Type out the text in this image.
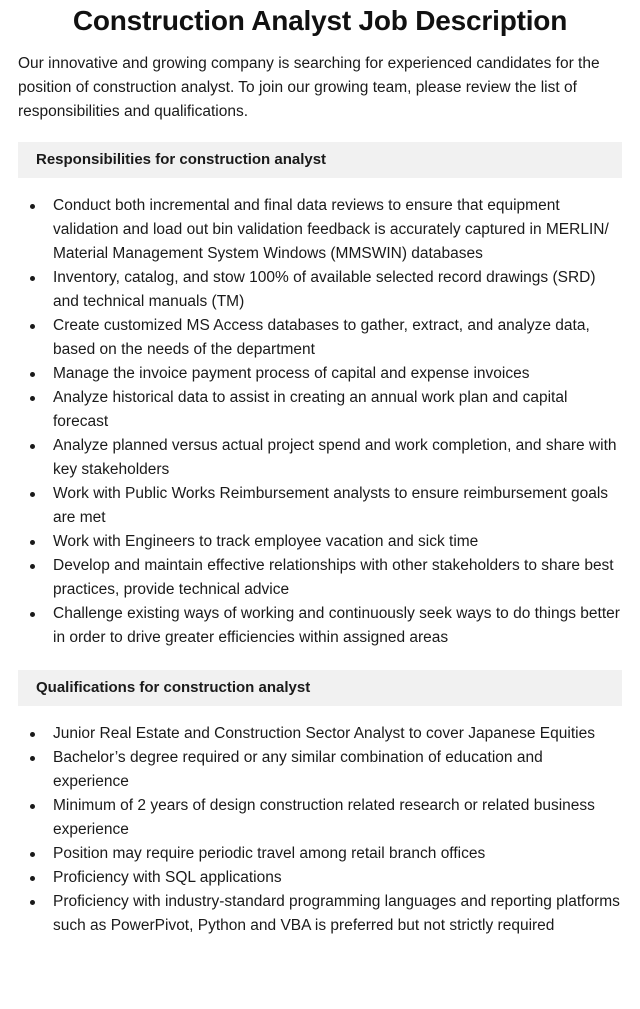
Construction Analyst Job Description

Our innovative and growing company is searching for experienced candidates for the position of construction analyst. To join our growing team, please review the list of responsibilities and qualifications.

Responsibilities for construction analyst
Conduct both incremental and final data reviews to ensure that equipment validation and load out bin validation feedback is accurately captured in MERLIN/ Material Management System Windows (MMSWIN) databases
Inventory, catalog, and stow 100% of available selected record drawings (SRD) and technical manuals (TM)
Create customized MS Access databases to gather, extract, and analyze data, based on the needs of the department
Manage the invoice payment process of capital and expense invoices
Analyze historical data to assist in creating an annual work plan and capital forecast
Analyze planned versus actual project spend and work completion, and share with key stakeholders
Work with Public Works Reimbursement analysts to ensure reimbursement goals are met
Work with Engineers to track employee vacation and sick time
Develop and maintain effective relationships with other stakeholders to share best practices, provide technical advice
Challenge existing ways of working and continuously seek ways to do things better in order to drive greater efficiencies within assigned areas
Qualifications for construction analyst
Junior Real Estate and Construction Sector Analyst to cover Japanese Equities
Bachelor’s degree required or any similar combination of education and experience
Minimum of 2 years of design construction related research or related business experience
Position may require periodic travel among retail branch offices
Proficiency with SQL applications
Proficiency with industry-standard programming languages and reporting platforms such as PowerPivot, Python and VBA is preferred but not strictly required
